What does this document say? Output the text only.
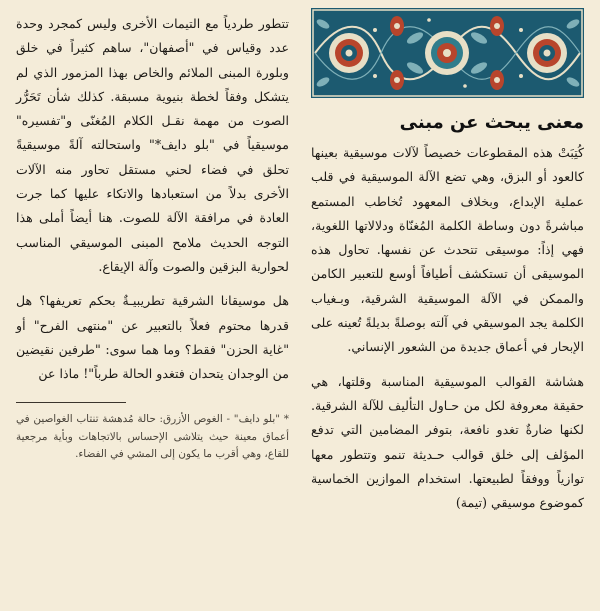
معنى يبحث عن مبنى

كُتِبَتْ هذه المقطوعات خصيصاً لآلات موسيقية بعينها كالعود أو البزق، وهي تضع الآلة الموسيقية في قلب عملية الإبداع، وبخلاف المعهود تُخاطب المستمع مباشرةً دون وساطة الكلمة المُغنّاة ودلالاتها اللغوية، فهي إذاً: موسيقى تتحدث عن نفسها. تحاول هذه الموسيقى أن تستكشف أطيافاً أوسع للتعبير الكامن والممكن في الآلة الموسيقية الشرقية، وبـغياب الكلمة يجد الموسيقي في آلته بوصلةً بديلةً تُعينه على الإبحار في أعماق جديدة من الشعور الإنساني.

هشاشة القوالب الموسيقية المناسبة وقلتها، هي حقيقة معروفة لكل من حـاول التأليف للآلة الشرقية. لكنها ضارةٌ تغدو نافعة، بتوفر المضامين التي تدفع المؤلف إلى خلق قوالب حـديثة تنمو وتتطور معها توازياً ووفقاً لطبيعتها. استخدام الموازين الخماسية كموضوع موسيقي (تيمة)

تتطور طردياً مع التيمات الأخرى وليس كمجرد وحدة عدد وقياس في "أصفهان"، ساهم كثيراً في خلق وبلورة المبنى الملائم والخاص بهذا المزمور الذي لم يتشكل وفقاً لخطة بنيوية مسبقة. كذلك شأن تَحَرُّر الصوت من مهمة نقـل الكلام المُغنّى و"تفسيره" موسيقياً في "بلو دايف*" واستحالته آلةً موسيقيةً تحلق في فضاء لحني مستقل تحاور منه الآلات الأخرى بدلاً من استعبادها والاتكاء عليها كما جرت العادة في مرافقة الآلة للصوت. هنا أيضاً أملى هذا التوجه الحديث ملامح المبنى الموسيقي المناسب لحوارية البزقين والصوت وآلة الإيقاع.

هل موسيقانا الشرقية تطريبيـةٌ بحكم تعريفها؟ هل قدرها محتوم فعلاً بالتعبير عن "منتهى الفرح" أو "غاية الحزن" فقط؟ وما هما سوى: "طرفين نقيضين من الوجدان يتحدان فتغدو الحالة طرباً"! ماذا عن

* "بلو دايف" - الغوص الأزرق: حالة مُدهشة تنتاب الغواصين في أعماق معينة حيث يتلاشى الإحساس بالاتجاهات وبأية مرجعية للقاع، وهي أقرب ما يكون إلى المشي في الفضاء.
